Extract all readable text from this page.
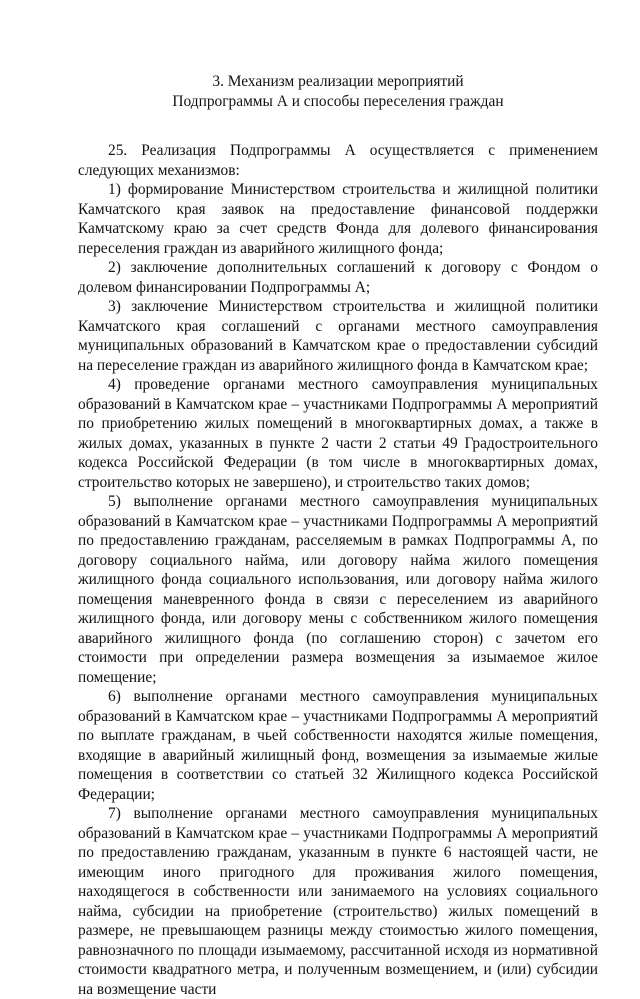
3. Механизм реализации мероприятий
Подпрограммы А и способы переселения граждан

25. Реализация Подпрограммы А осуществляется с применением следующих механизмов:

1) формирование Министерством строительства и жилищной политики Камчатского края заявок на предоставление финансовой поддержки Камчатскому краю за счет средств Фонда для долевого финансирования переселения граждан из аварийного жилищного фонда;

2) заключение дополнительных соглашений к договору с Фондом о долевом финансировании Подпрограммы А;

3) заключение Министерством строительства и жилищной политики Камчатского края соглашений с органами местного самоуправления муниципальных образований в Камчатском крае о предоставлении субсидий на переселение граждан из аварийного жилищного фонда в Камчатском крае;

4) проведение органами местного самоуправления муниципальных образований в Камчатском крае – участниками Подпрограммы А мероприятий по приобретению жилых помещений в многоквартирных домах, а также в жилых домах, указанных в пункте 2 части 2 статьи 49 Градостроительного кодекса Российской Федерации (в том числе в многоквартирных домах, строительство которых не завершено), и строительство таких домов;

5) выполнение органами местного самоуправления муниципальных образований в Камчатском крае – участниками Подпрограммы А мероприятий по предоставлению гражданам, расселяемым в рамках Подпрограммы А, по договору социального найма, или договору найма жилого помещения жилищного фонда социального использования, или договору найма жилого помещения маневренного фонда в связи с переселением из аварийного жилищного фонда, или договору мены с собственником жилого помещения аварийного жилищного фонда (по соглашению сторон) с зачетом его стоимости при определении размера возмещения за изымаемое жилое помещение;

6) выполнение органами местного самоуправления муниципальных образований в Камчатском крае – участниками Подпрограммы А мероприятий по выплате гражданам, в чьей собственности находятся жилые помещения, входящие в аварийный жилищный фонд, возмещения за изымаемые жилые помещения в соответствии со статьей 32 Жилищного кодекса Российской Федерации;

7) выполнение органами местного самоуправления муниципальных образований в Камчатском крае – участниками Подпрограммы А мероприятий по предоставлению гражданам, указанным в пункте 6 настоящей части, не имеющим иного пригодного для проживания жилого помещения, находящегося в собственности или занимаемого на условиях социального найма, субсидии на приобретение (строительство) жилых помещений в размере, не превышающем разницы между стоимостью жилого помещения, равнозначного по площади изымаемому, рассчитанной исходя из нормативной стоимости квадратного метра, и полученным возмещением, и (или) субсидии на возмещение части
